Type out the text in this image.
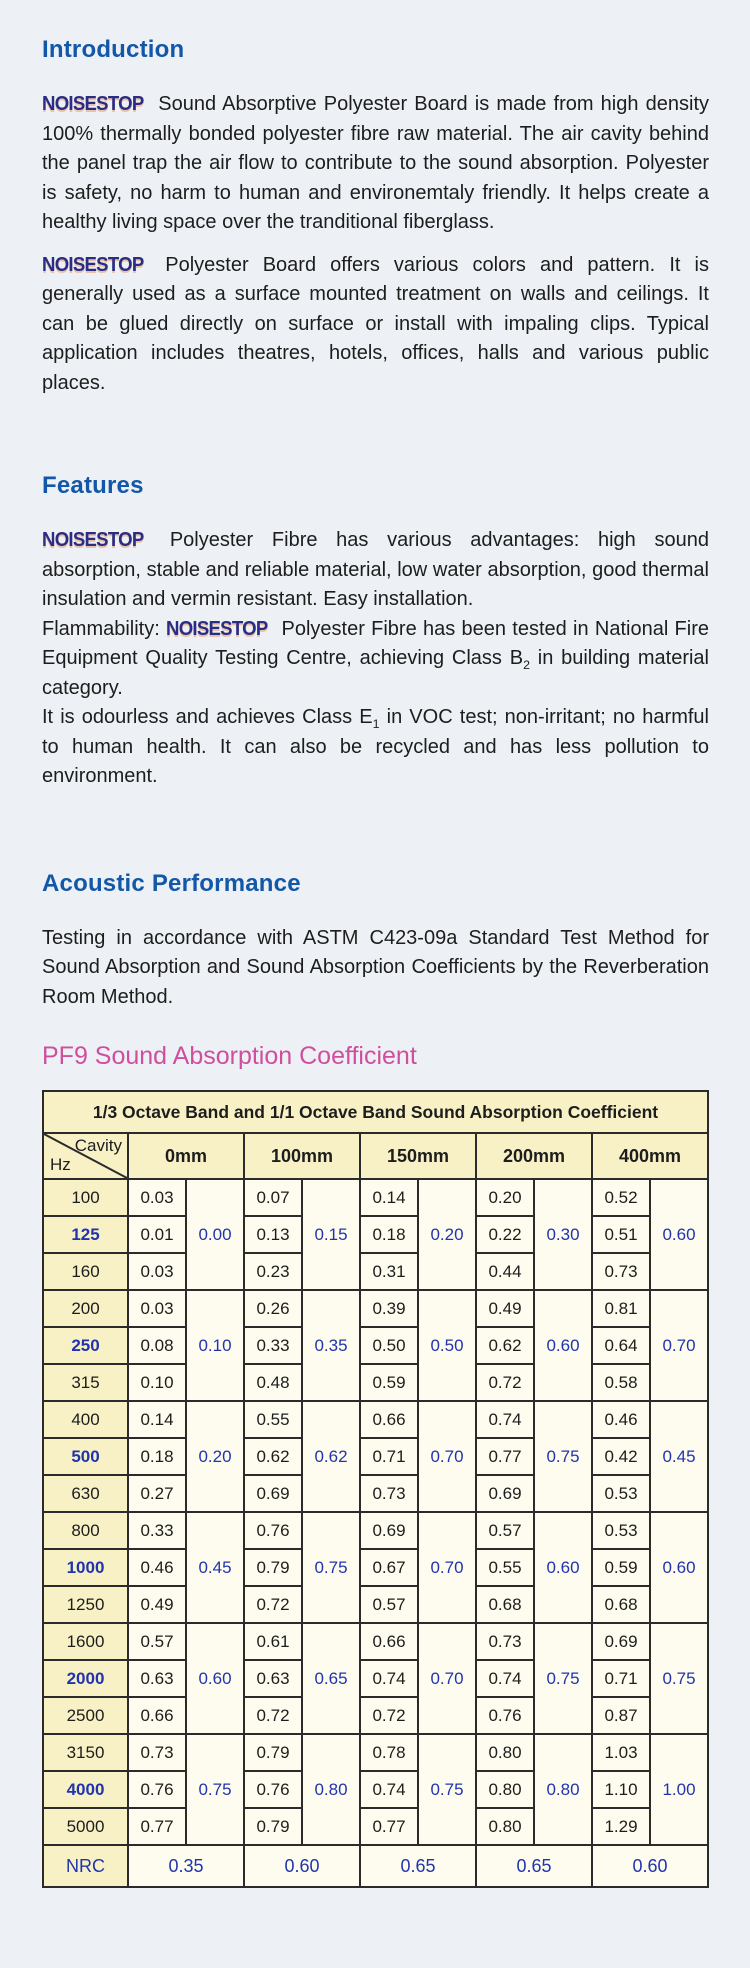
Introduction

NOISESTOP Sound Absorptive Polyester Board is made from high density 100% thermally bonded polyester fibre raw material. The air cavity behind the panel trap the air flow to contribute to the sound absorption. Polyester is safety, no harm to human and environemtaly friendly. It helps create a healthy living space over the tranditional fiberglass.

NOISESTOP Polyester Board offers various colors and pattern. It is generally used as a surface mounted treatment on walls and ceilings. It can be glued directly on surface or install with impaling clips. Typical application includes theatres, hotels, offices, halls and various public places.

Features

NOISESTOP Polyester Fibre has various advantages: high sound absorption, stable and reliable material, low water absorption, good thermal insulation and vermin resistant. Easy installation.

Flammability: NOISESTOP Polyester Fibre has been tested in National Fire Equipment Quality Testing Centre, achieving Class $B_2$ in building material category.

It is odourless and achieves Class $E_1$ in VOC test; non-irritant; no harmful to human health. It can also be recycled and has less pollution to environment.

Acoustic Performance

Testing in accordance with ASTM C423-09a Standard Test Method for Sound Absorption and Sound Absorption Coefficients by the Reverberation Room Method.

PF9 Sound Absorption Coefficient
1/3 Octave Band and 1/1 Octave Band Sound Absorption Coefficient										

Cavity
Hz	0mm		100mm		150mm		200mm		400mm	
100	0.03	0.00	0.07	0.15	0.14	0.20	0.20	0.30	0.52	0.60
125	0.01		0.13		0.18		0.22		0.51	
160	0.03		0.23		0.31		0.44		0.73	
200	0.03	0.10	0.26	0.35	0.39	0.50	0.49	0.60	0.81	0.70
250	0.08		0.33		0.50		0.62		0.64	
315	0.10		0.48		0.59		0.72		0.58	
400	0.14	0.20	0.55	0.62	0.66	0.70	0.74	0.75	0.46	0.45
500	0.18		0.62		0.71		0.77		0.42	
630	0.27		0.69		0.73		0.69		0.53	
800	0.33	0.45	0.76	0.75	0.69	0.70	0.57	0.60	0.53	0.60
1000	0.46		0.79		0.67		0.55		0.59	
1250	0.49		0.72		0.57		0.68		0.68	
1600	0.57	0.60	0.61	0.65	0.66	0.70	0.73	0.75	0.69	0.75
2000	0.63		0.63		0.74		0.74		0.71	
2500	0.66		0.72		0.72		0.76		0.87	
3150	0.73	0.75	0.79	0.80	0.78	0.75	0.80	0.80	1.03	1.00
4000	0.76		0.76		0.74		0.80		1.10	
5000	0.77		0.79		0.77		0.80		1.29	
NRC	0.35		0.60		0.65		0.65		0.60	
